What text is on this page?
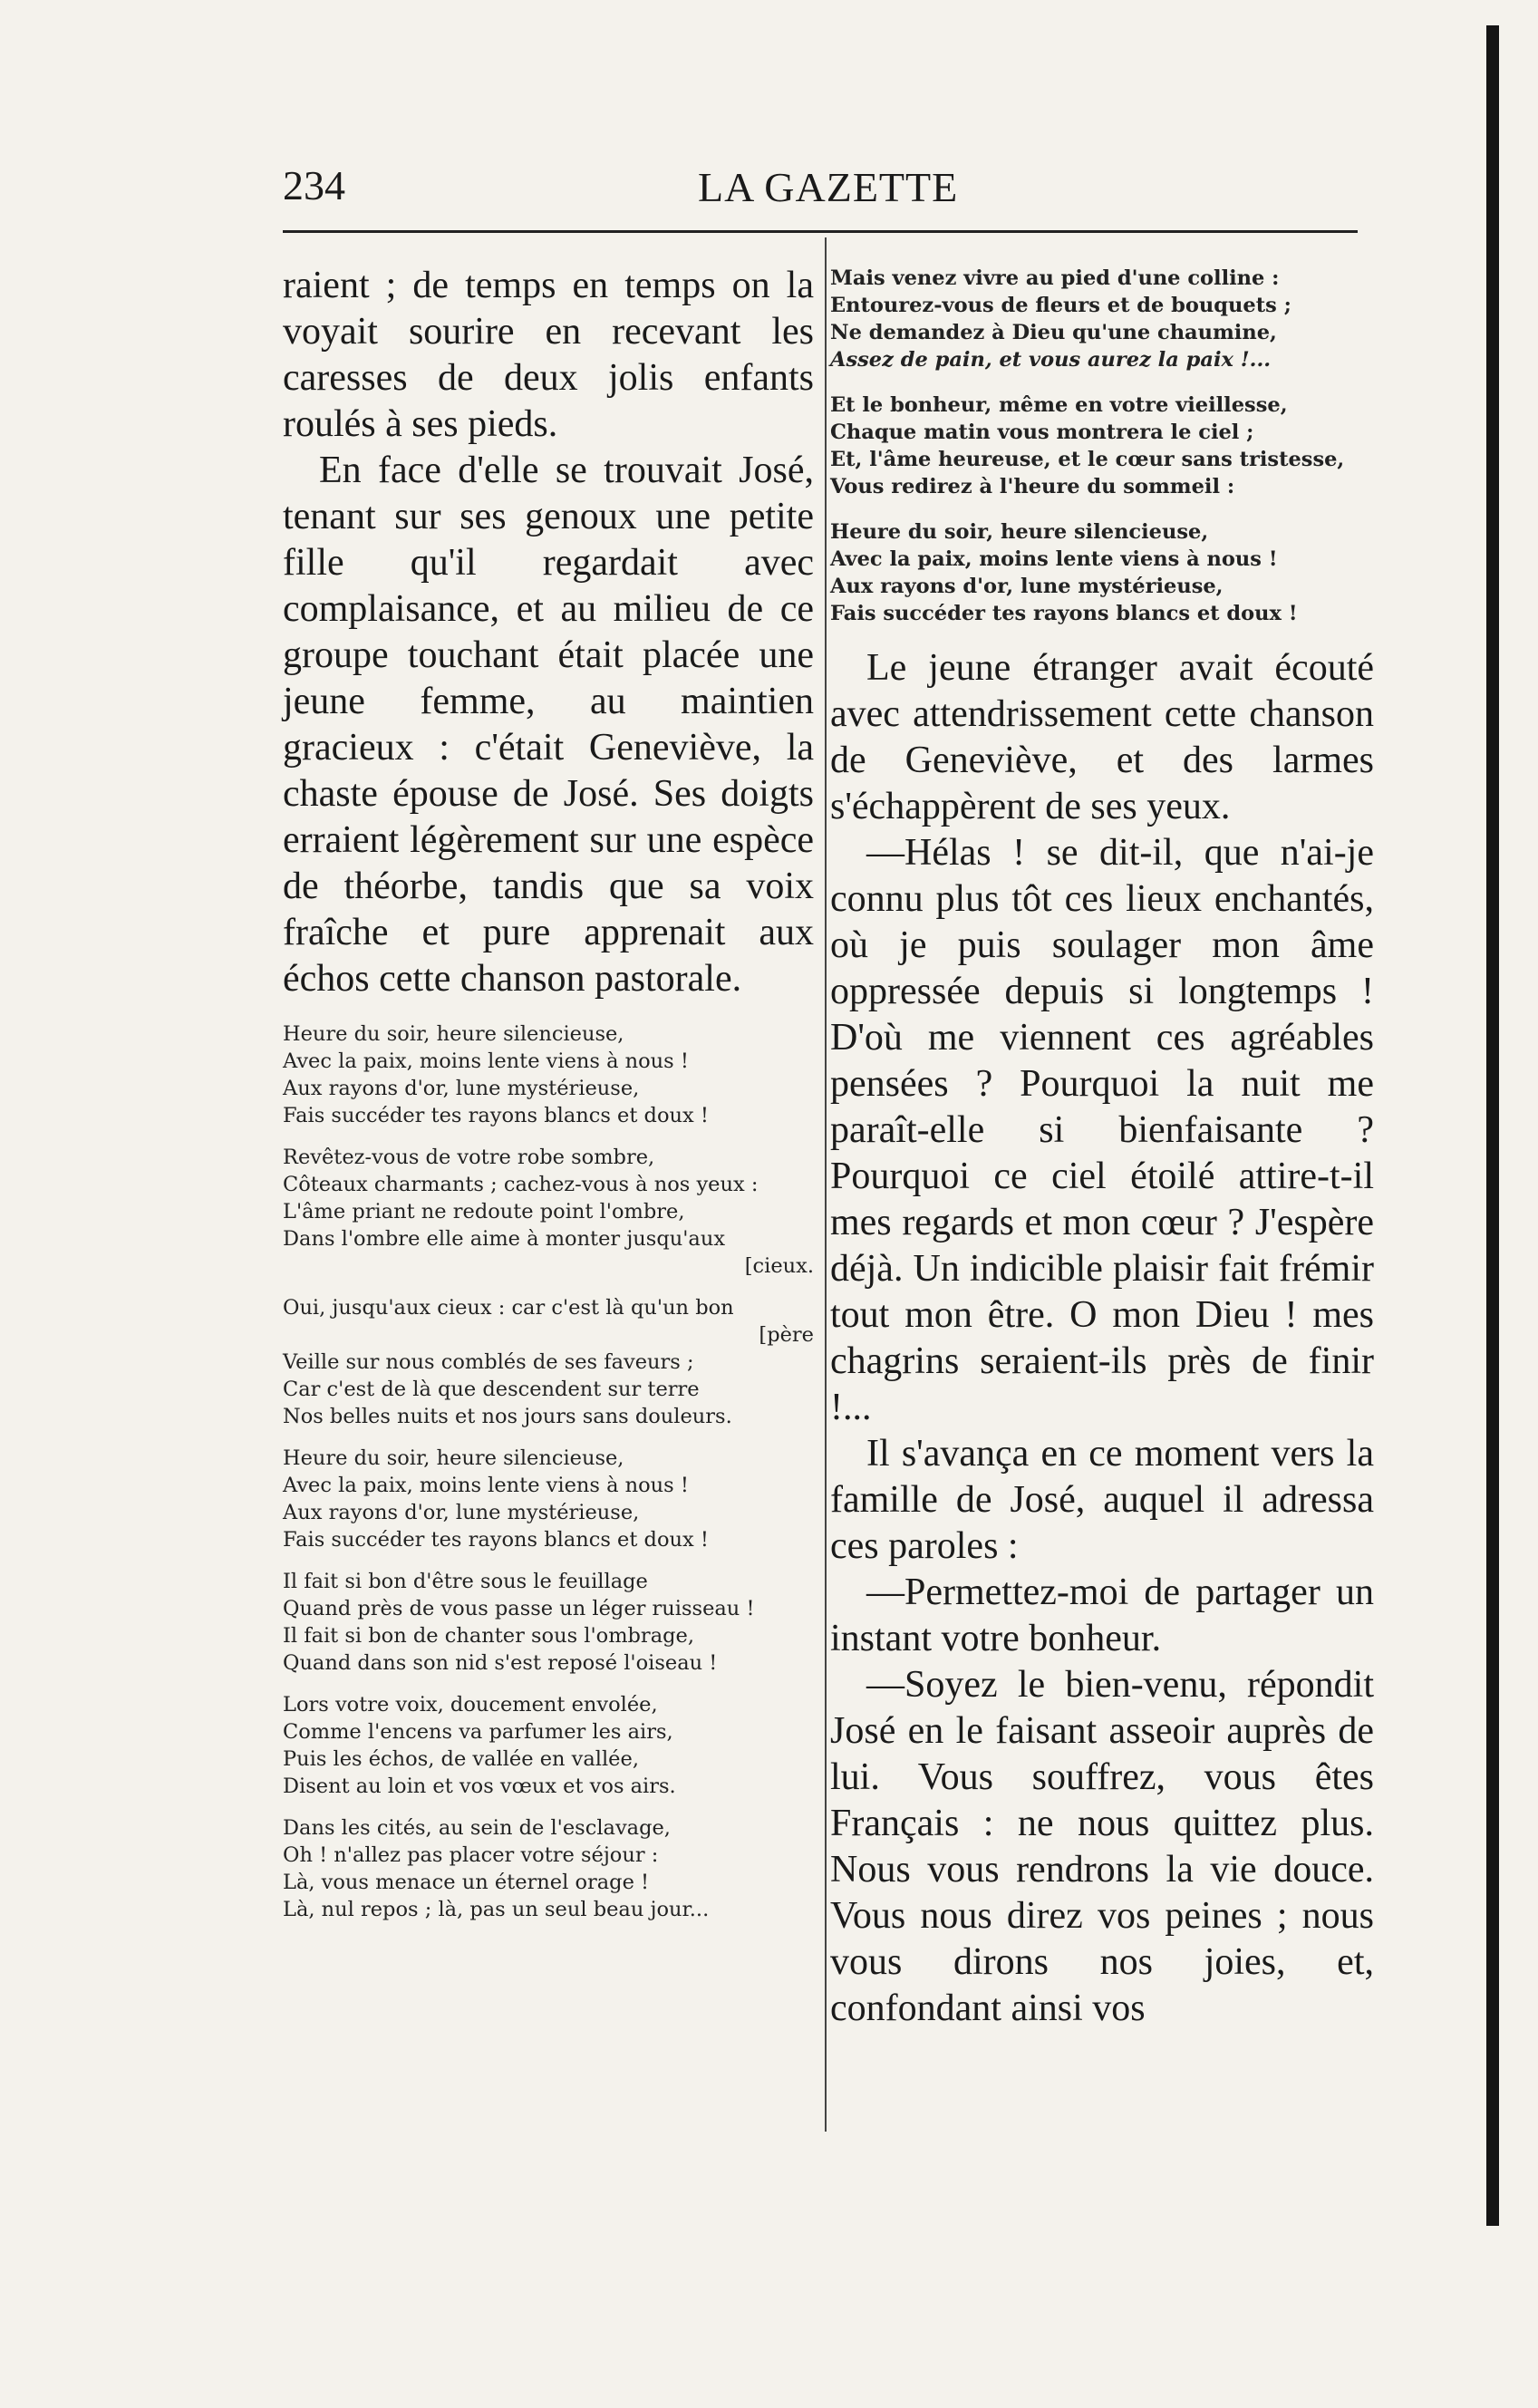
234	LA GAZETTE

raient ; de temps en temps on la voyait sourire en recevant les caresses de deux jolis enfants roulés à ses pieds.

En face d'elle se trouvait José, tenant sur ses genoux une petite fille qu'il regardait avec complaisance, et au milieu de ce groupe touchant était placée une jeune femme, au maintien gracieux : c'était Geneviève, la chaste épouse de José. Ses doigts erraient légèrement sur une espèce de théorbe, tandis que sa voix fraîche et pure apprenait aux échos cette chanson pastorale.

Heure du soir, heure silencieuse,
Avec la paix, moins lente viens à nous !
Aux rayons d'or, lune mystérieuse,
Fais succéder tes rayons blancs et doux !
Revêtez-vous de votre robe sombre,
Côteaux charmants ; cachez-vous à nos yeux :
L'âme priant ne redoute point l'ombre,
Dans l'ombre elle aime à monter jusqu'aux
[cieux.
Oui, jusqu'aux cieux : car c'est là qu'un bon
[père
Veille sur nous comblés de ses faveurs ;
Car c'est de là que descendent sur terre
Nos belles nuits et nos jours sans douleurs.
Heure du soir, heure silencieuse,
Avec la paix, moins lente viens à nous !
Aux rayons d'or, lune mystérieuse,
Fais succéder tes rayons blancs et doux !
Il fait si bon d'être sous le feuillage
Quand près de vous passe un léger ruisseau !
Il fait si bon de chanter sous l'ombrage,
Quand dans son nid s'est reposé l'oiseau !
Lors votre voix, doucement envolée,
Comme l'encens va parfumer les airs,
Puis les échos, de vallée en vallée,
Disent au loin et vos vœux et vos airs.
Dans les cités, au sein de l'esclavage,
Oh ! n'allez pas placer votre séjour :
Là, vous menace un éternel orage !
Là, nul repos ; là, pas un seul beau jour...
Mais venez vivre au pied d'une colline :
Entourez-vous de fleurs et de bouquets ;
Ne demandez à Dieu qu'une chaumine,
Assez de pain, et vous aurez la paix !...
Et le bonheur, même en votre vieillesse,
Chaque matin vous montrera le ciel ;
Et, l'âme heureuse, et le cœur sans tristesse,
Vous redirez à l'heure du sommeil :
Heure du soir, heure silencieuse,
Avec la paix, moins lente viens à nous !
Aux rayons d'or, lune mystérieuse,
Fais succéder tes rayons blancs et doux !

Le jeune étranger avait écouté avec attendrissement cette chanson de Geneviève, et des larmes s'échappèrent de ses yeux.

—Hélas ! se dit-il, que n'ai-je connu plus tôt ces lieux enchantés, où je puis soulager mon âme oppressée depuis si longtemps ! D'où me viennent ces agréables pensées ? Pourquoi la nuit me paraît-elle si bienfaisante ? Pourquoi ce ciel étoilé attire-t-il mes regards et mon cœur ? J'espère déjà. Un indicible plaisir fait frémir tout mon être. O mon Dieu ! mes chagrins seraient-ils près de finir !...

Il s'avança en ce moment vers la famille de José, auquel il adressa ces paroles :

—Permettez-moi de partager un instant votre bonheur.

—Soyez le bien-venu, répondit José en le faisant asseoir auprès de lui. Vous souffrez, vous êtes Français : ne nous quittez plus. Nous vous rendrons la vie douce. Vous nous direz vos peines ; nous vous dirons nos joies, et, confondant ainsi vos
